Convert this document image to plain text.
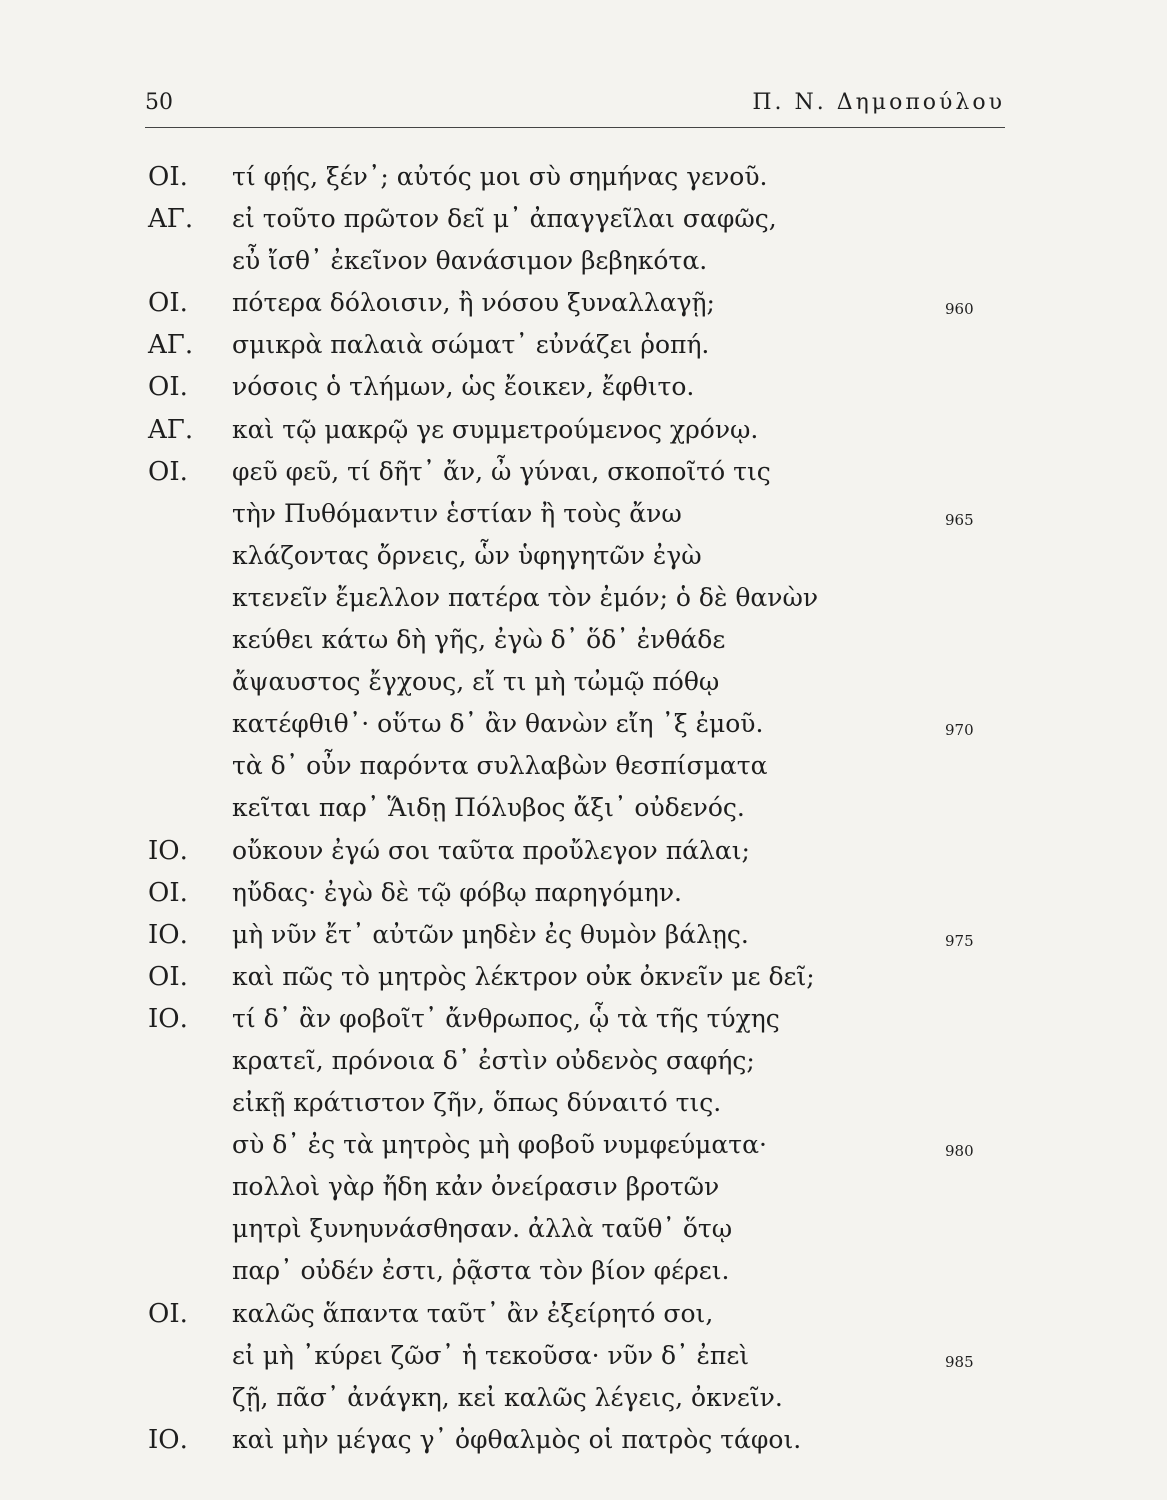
50	Π. Ν. Δημοπούλου
ΟΙ. τί φῄς, ξέν᾽; αὐτός μοι σὺ σημήνας γενοῦ.
ΑΓ. εἰ τοῦτο πρῶτον δεῖ μ᾽ ἀπαγγεῖλαι σαφῶς,
εὖ ἴσθ᾽ ἐκεῖνον θανάσιμον βεβηκότα.
ΟΙ. πότερα δόλοισιν, ἢ νόσου ξυναλλαγῇ;	960
ΑΓ. σμικρὰ παλαιὰ σώματ᾽ εὐνάζει ῥοπή.
ΟΙ. νόσοις ὁ τλήμων, ὡς ἔοικεν, ἔφθιτο.
ΑΓ. καὶ τῷ μακρῷ γε συμμετρούμενος χρόνῳ.
ΟΙ. φεῦ φεῦ, τί δῆτ᾽ ἄν, ὦ γύναι, σκοποῖτό τις
τὴν Πυθόμαντιν ἑστίαν ἢ τοὺς ἄνω	965
κλάζοντας ὄρνεις, ὧν ὑφηγητῶν ἐγὼ
κτενεῖν ἔμελλον πατέρα τὸν ἐμόν; ὁ δὲ θανὼν
κεύθει κάτω δὴ γῆς, ἐγὼ δ᾽ ὅδ᾽ ἐνθάδε
ἄψαυστος ἔγχους, εἴ τι μὴ τὠμῷ πόθῳ
κατέφθιθ᾽· οὕτω δ᾽ ἂν θανὼν εἴη ᾽ξ ἐμοῦ.	970
τὰ δ᾽ οὖν παρόντα συλλαβὼν θεσπίσματα
κεῖται παρ᾽ Ἅιδῃ Πόλυβος ἄξι᾽ οὐδενός.
ΙΟ. οὔκουν ἐγώ σοι ταῦτα προὔλεγον πάλαι;
ΟΙ. ηὔδας· ἐγὼ δὲ τῷ φόβῳ παρηγόμην.
ΙΟ. μὴ νῦν ἔτ᾽ αὐτῶν μηδὲν ἐς θυμὸν βάλῃς.	975
ΟΙ. καὶ πῶς τὸ μητρὸς λέκτρον οὐκ ὀκνεῖν με δεῖ;
ΙΟ. τί δ᾽ ἂν φοβοῖτ᾽ ἄνθρωπος, ᾧ τὰ τῆς τύχης
κρατεῖ, πρόνοια δ᾽ ἐστὶν οὐδενὸς σαφής;
εἰκῇ κράτιστον ζῆν, ὅπως δύναιτό τις.
σὺ δ᾽ ἐς τὰ μητρὸς μὴ φοβοῦ νυμφεύματα·	980
πολλοὶ γὰρ ἤδη κἀν ὀνείρασιν βροτῶν
μητρὶ ξυνηυνάσθησαν. ἀλλὰ ταῦθ᾽ ὅτῳ
παρ᾽ οὐδέν ἐστι, ῥᾷστα τὸν βίον φέρει.
ΟΙ. καλῶς ἅπαντα ταῦτ᾽ ἂν ἐξείρητό σοι,
εἰ μὴ ᾽κύρει ζῶσ᾽ ἡ τεκοῦσα· νῦν δ᾽ ἐπεὶ	985
ζῇ, πᾶσ᾽ ἀνάγκη, κεἰ καλῶς λέγεις, ὀκνεῖν.
ΙΟ. καὶ μὴν μέγας γ᾽ ὀφθαλμὸς οἱ πατρὸς τάφοι.
